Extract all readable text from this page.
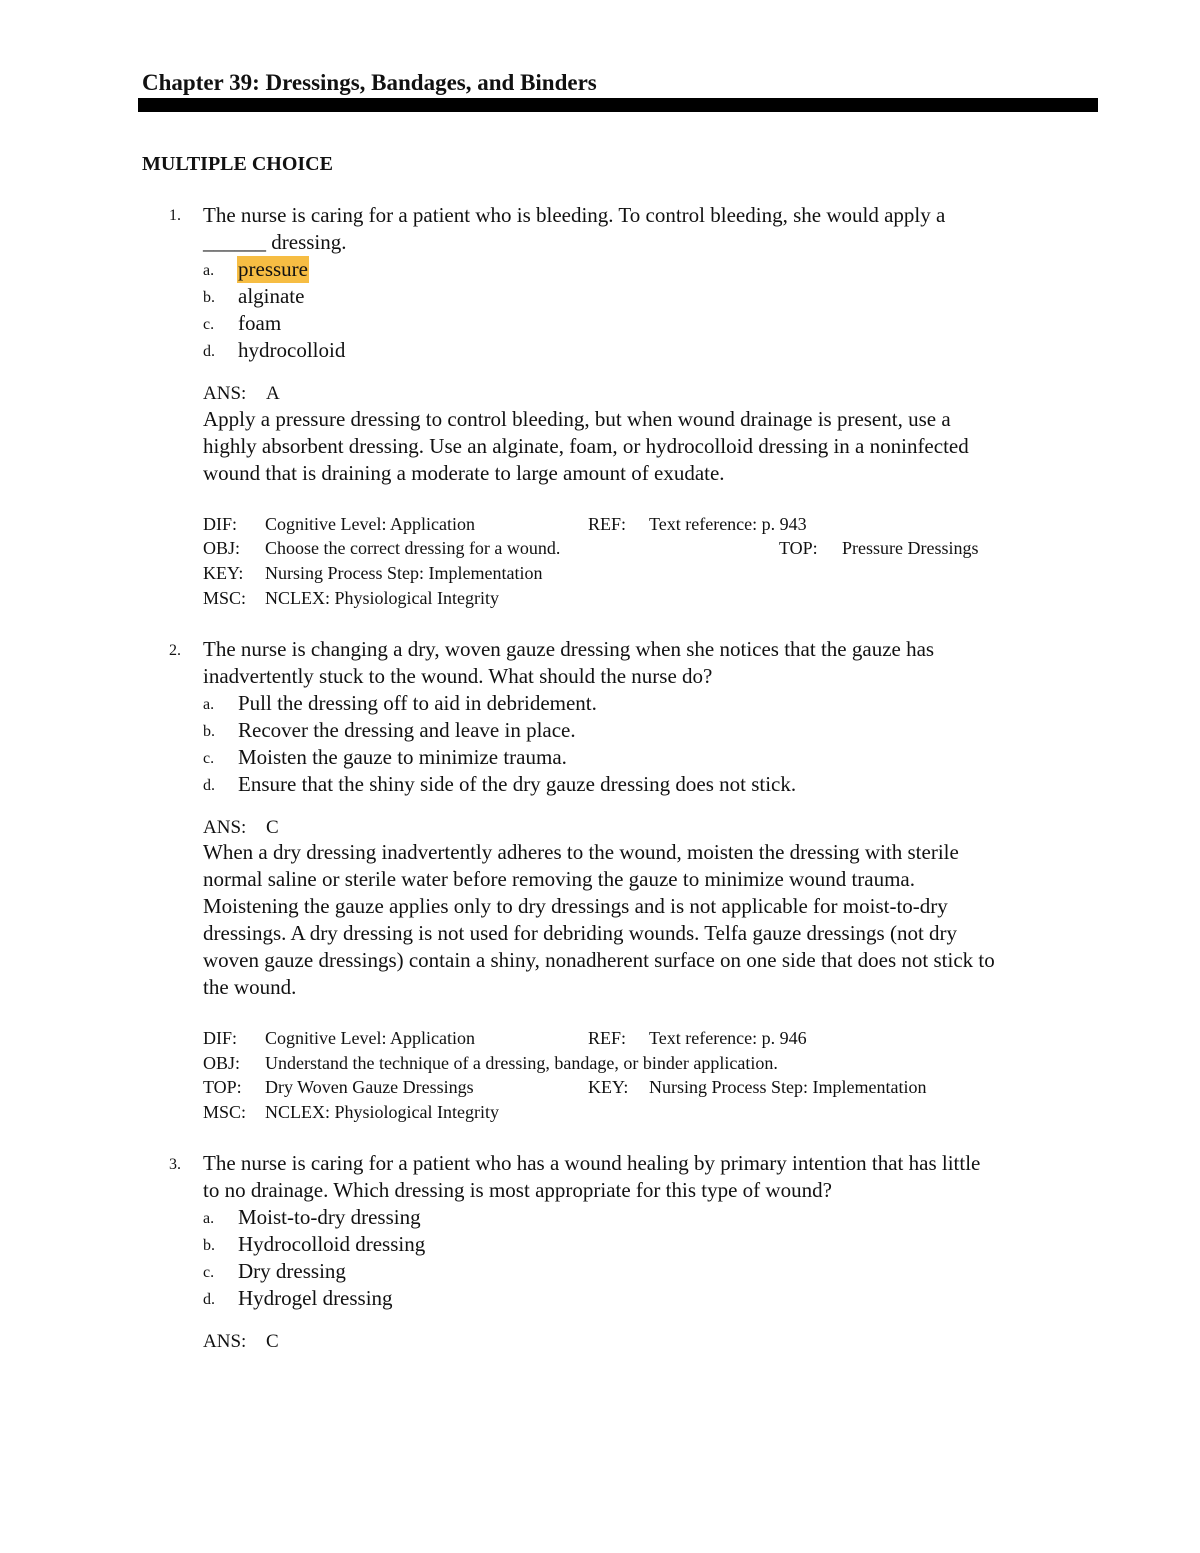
Chapter 39: Dressings, Bandages, and Binders
MULTIPLE CHOICE
1. The nurse is caring for a patient who is bleeding. To control bleeding, she would apply a
______ dressing.
a. pressure
b. alginate
c. foam
d. hydrocolloid
ANS: A
Apply a pressure dressing to control bleeding, but when wound drainage is present, use a
highly absorbent dressing. Use an alginate, foam, or hydrocolloid dressing in a noninfected
wound that is draining a moderate to large amount of exudate.
DIF: Cognitive Level: Application	REF: Text reference: p. 943
OBJ: Choose the correct dressing for a wound.	TOP: Pressure Dressings
KEY: Nursing Process Step: Implementation
MSC: NCLEX: Physiological Integrity
2. The nurse is changing a dry, woven gauze dressing when she notices that the gauze has
inadvertently stuck to the wound. What should the nurse do?
a. Pull the dressing off to aid in debridement.
b. Recover the dressing and leave in place.
c. Moisten the gauze to minimize trauma.
d. Ensure that the shiny side of the dry gauze dressing does not stick.
ANS: C
When a dry dressing inadvertently adheres to the wound, moisten the dressing with sterile
normal saline or sterile water before removing the gauze to minimize wound trauma.
Moistening the gauze applies only to dry dressings and is not applicable for moist-to-dry
dressings. A dry dressing is not used for debriding wounds. Telfa gauze dressings (not dry
woven gauze dressings) contain a shiny, nonadherent surface on one side that does not stick to
the wound.
DIF: Cognitive Level: Application	REF: Text reference: p. 946
OBJ: Understand the technique of a dressing, bandage, or binder application.
TOP: Dry Woven Gauze Dressings	KEY: Nursing Process Step: Implementation
MSC: NCLEX: Physiological Integrity
3. The nurse is caring for a patient who has a wound healing by primary intention that has little
to no drainage. Which dressing is most appropriate for this type of wound?
a. Moist-to-dry dressing
b. Hydrocolloid dressing
c. Dry dressing
d. Hydrogel dressing
ANS: C
